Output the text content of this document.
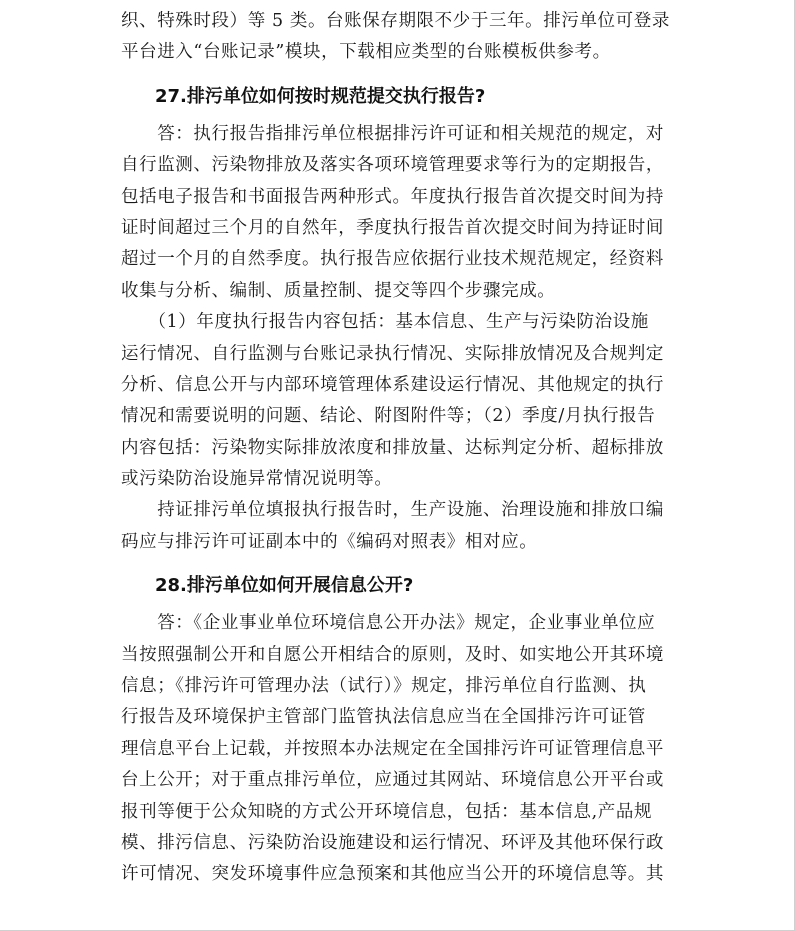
织、特殊时段）等 5 类。台账保存期限不少于三年。排污单位可登录
平台进入“台账记录”模块，下载相应类型的台账模板供参考。
27.排污单位如何按时规范提交执行报告?
　　答：执行报告指排污单位根据排污许可证和相关规范的规定，对
自行监测、污染物排放及落实各项环境管理要求等行为的定期报告，
包括电子报告和书面报告两种形式。年度执行报告首次提交时间为持
证时间超过三个月的自然年，季度执行报告首次提交时间为持证时间
超过一个月的自然季度。执行报告应依据行业技术规范规定，经资料
收集与分析、编制、质量控制、提交等四个步骤完成。
　　（1）年度执行报告内容包括：基本信息、生产与污染防治设施
运行情况、自行监测与台账记录执行情况、实际排放情况及合规判定
分析、信息公开与内部环境管理体系建设运行情况、其他规定的执行
情况和需要说明的问题、结论、附图附件等；（2）季度/月执行报告
内容包括：污染物实际排放浓度和排放量、达标判定分析、超标排放
或污染防治设施异常情况说明等。
　　持证排污单位填报执行报告时，生产设施、治理设施和排放口编
码应与排污许可证副本中的《编码对照表》相对应。
28.排污单位如何开展信息公开?
　　答：《企业事业单位环境信息公开办法》规定，企业事业单位应
当按照强制公开和自愿公开相结合的原则，及时、如实地公开其环境
信息；《排污许可管理办法（试行）》规定，排污单位自行监测、执
行报告及环境保护主管部门监管执法信息应当在全国排污许可证管
理信息平台上记载，并按照本办法规定在全国排污许可证管理信息平
台上公开；对于重点排污单位，应通过其网站、环境信息公开平台或
报刊等便于公众知晓的方式公开环境信息，包括：基本信息,产品规
模、排污信息、污染防治设施建设和运行情况、环评及其他环保行政
许可情况、突发环境事件应急预案和其他应当公开的环境信息等。其
